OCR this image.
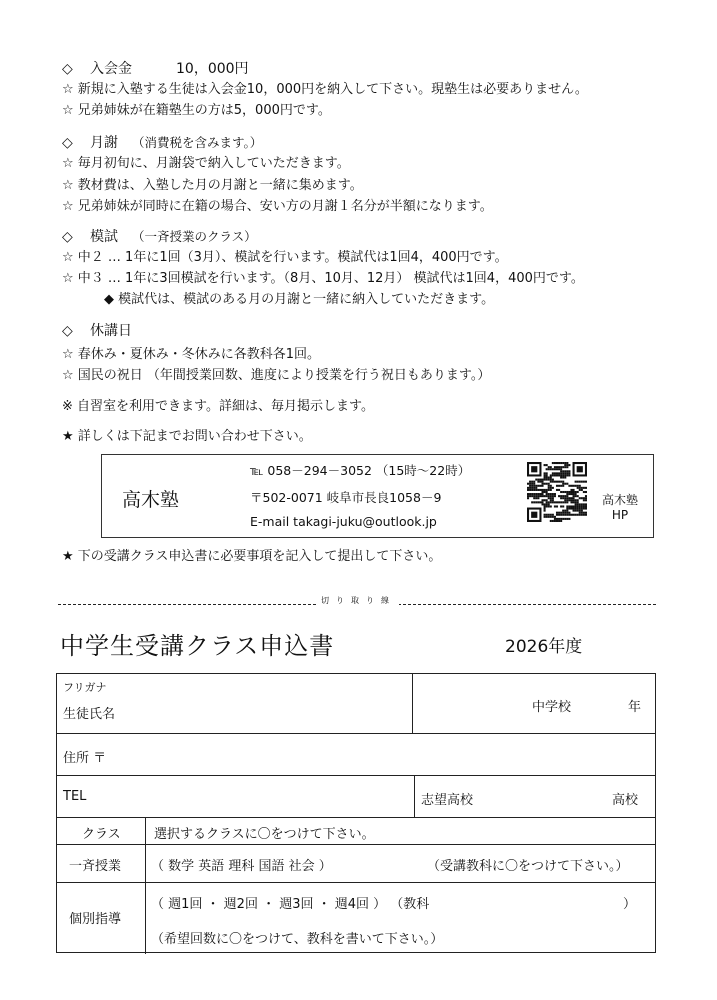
◇ 入会金	10，000円
☆ 新規に入塾する生徒は入会金10，000円を納入して下さい。現塾生は必要ありません。
☆ 兄弟姉妹が在籍塾生の方は5，000円です。
◇ 月謝 （消費税を含みます。）
☆ 毎月初旬に、月謝袋で納入していただきます。
☆ 教材費は、入塾した月の月謝と一緒に集めます。
☆ 兄弟姉妹が同時に在籍の場合、安い方の月謝１名分が半額になります。
◇ 模試 （一斉授業のクラス）
☆ 中２ … 1年に1回（3月）、模試を行います。模試代は1回4，400円です。
☆ 中３ … 1年に3回模試を行います。（8月、10月、12月） 模試代は1回4，400円です。
◆ 模試代は、模試のある月の月謝と一緒に納入していただきます。
◇ 休講日
☆ 春休み・夏休み・冬休みに各教科各1回。
☆ 国民の祝日 （年間授業回数、進度により授業を行う祝日もあります。）
※ 自習室を利用できます。詳細は、毎月掲示します。
★ 詳しくは下記までお問い合わせ下さい。
高木塾
℡ 058－294－3052 （15時～22時）
〒502-0071 岐阜市長良1058－9
E-mail takagi-juku@outlook.jp
高木塾
HP
★ 下の受講クラス申込書に必要事項を記入して提出して下さい。
切り取り線
中学生受講クラス申込書	2026年度
フリガナ
生徒氏名	中学校	年
住所 〒
TEL	志望高校	高校
クラス	選択するクラスに〇をつけて下さい。
一斉授業 （ 数学 英語 理科 国語 社会 ）	（受講教科に〇をつけて下さい。）
個別指導
（ 週1回 ・ 週2回 ・ 週3回 ・ 週4回 ） （教科	）
（希望回数に〇をつけて、教科を書いて下さい。）
